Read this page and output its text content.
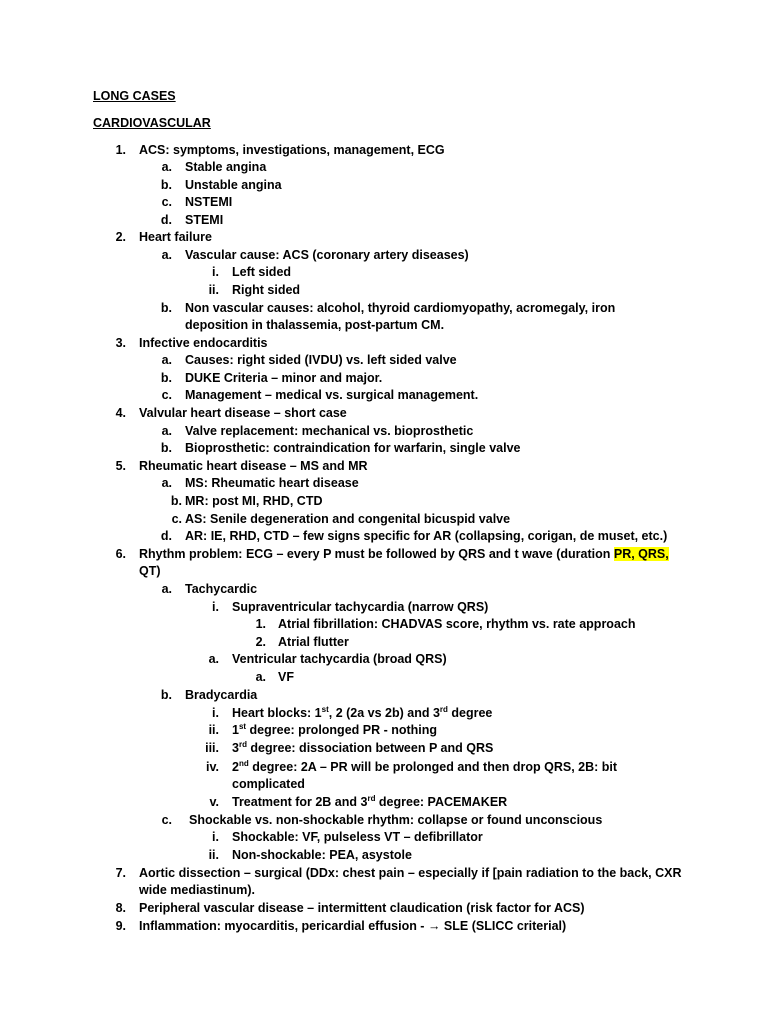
LONG CASES
CARDIOVASCULAR
1. ACS: symptoms, investigations, management, ECG
a. Stable angina
b. Unstable angina
c. NSTEMI
d. STEMI
2. Heart failure
a. Vascular cause: ACS (coronary artery diseases)
i. Left sided
ii. Right sided
b. Non vascular causes: alcohol, thyroid cardiomyopathy, acromegaly, iron
deposition in thalassemia, post-partum CM.
3. Infective endocarditis
a. Causes: right sided (IVDU) vs. left sided valve
b. DUKE Criteria – minor and major.
c. Management – medical vs. surgical management.
4. Valvular heart disease – short case
a. Valve replacement: mechanical vs. bioprosthetic
b. Bioprosthetic: contraindication for warfarin, single valve
5. Rheumatic heart disease – MS and MR
a. MS: Rheumatic heart disease
b. MR: post MI, RHD, CTD
c. AS: Senile degeneration and congenital bicuspid valve
d. AR: IE, RHD, CTD – few signs specific for AR (collapsing, corigan, de muset, etc.)
6. Rhythm problem: ECG – every P must be followed by QRS and t wave (duration PR, QRS,
QT)
a. Tachycardic
i. Supraventricular tachycardia (narrow QRS)
1. Atrial fibrillation: CHADVAS score, rhythm vs. rate approach
2. Atrial flutter
a. Ventricular tachycardia (broad QRS)
a. VF
b. Bradycardia
i. Heart blocks: 1st, 2 (2a vs 2b) and 3rd degree
ii. 1st degree: prolonged PR - nothing
iii. 3rd degree: dissociation between P and QRS
iv. 2nd degree: 2A – PR will be prolonged and then drop QRS, 2B: bit
complicated
v. Treatment for 2B and 3rd degree: PACEMAKER
c. Shockable vs. non-shockable rhythm: collapse or found unconscious
i. Shockable: VF, pulseless VT – defibrillator
ii. Non-shockable: PEA, asystole
7. Aortic dissection – surgical (DDx: chest pain – especially if [pain radiation to the back, CXR
wide mediastinum).
8. Peripheral vascular disease – intermittent claudication (risk factor for ACS)
9. Inflammation: myocarditis, pericardial effusion - → SLE (SLICC criterial)
